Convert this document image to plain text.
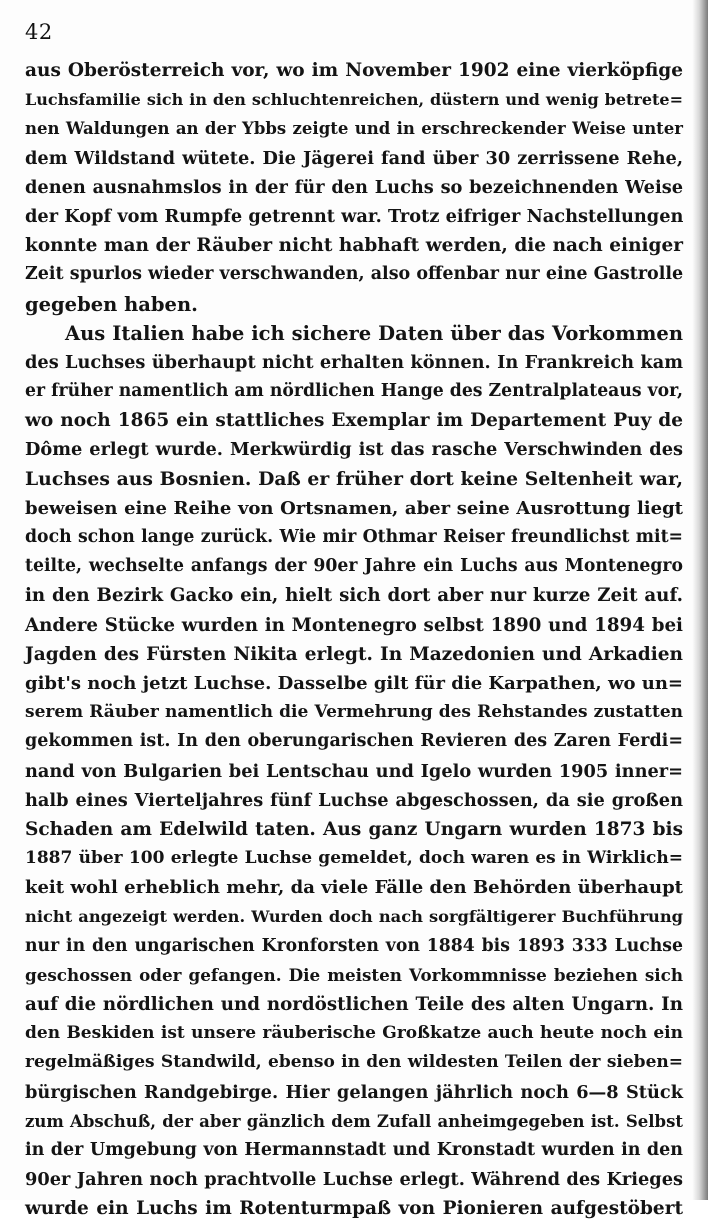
42
aus Oberösterreich vor, wo im November 1902 eine vierköpfige
Luchsfamilie sich in den schluchtenreichen, düstern und wenig betrete=
nen Waldungen an der Ybbs zeigte und in erschreckender Weise unter
dem Wildstand wütete. Die Jägerei fand über 30 zerrissene Rehe,
denen ausnahmslos in der für den Luchs so bezeichnenden Weise
der Kopf vom Rumpfe getrennt war. Trotz eifriger Nachstellungen
konnte man der Räuber nicht habhaft werden, die nach einiger
Zeit spurlos wieder verschwanden, also offenbar nur eine Gastrolle
gegeben haben.
Aus Italien habe ich sichere Daten über das Vorkommen
des Luchses überhaupt nicht erhalten können. In Frankreich kam
er früher namentlich am nördlichen Hange des Zentralplateaus vor,
wo noch 1865 ein stattliches Exemplar im Departement Puy de
Dôme erlegt wurde. Merkwürdig ist das rasche Verschwinden des
Luchses aus Bosnien. Daß er früher dort keine Seltenheit war,
beweisen eine Reihe von Ortsnamen, aber seine Ausrottung liegt
doch schon lange zurück. Wie mir Othmar Reiser freundlichst mit=
teilte, wechselte anfangs der 90er Jahre ein Luchs aus Montenegro
in den Bezirk Gacko ein, hielt sich dort aber nur kurze Zeit auf.
Andere Stücke wurden in Montenegro selbst 1890 und 1894 bei
Jagden des Fürsten Nikita erlegt. In Mazedonien und Arkadien
gibt's noch jetzt Luchse. Dasselbe gilt für die Karpathen, wo un=
serem Räuber namentlich die Vermehrung des Rehstandes zustatten
gekommen ist. In den oberungarischen Revieren des Zaren Ferdi=
nand von Bulgarien bei Lentschau und Igelo wurden 1905 inner=
halb eines Vierteljahres fünf Luchse abgeschossen, da sie großen
Schaden am Edelwild taten. Aus ganz Ungarn wurden 1873 bis
1887 über 100 erlegte Luchse gemeldet, doch waren es in Wirklich=
keit wohl erheblich mehr, da viele Fälle den Behörden überhaupt
nicht angezeigt werden. Wurden doch nach sorgfältigerer Buchführung
nur in den ungarischen Kronforsten von 1884 bis 1893 333 Luchse
geschossen oder gefangen. Die meisten Vorkommnisse beziehen sich
auf die nördlichen und nordöstlichen Teile des alten Ungarn. In
den Beskiden ist unsere räuberische Großkatze auch heute noch ein
regelmäßiges Standwild, ebenso in den wildesten Teilen der sieben=
bürgischen Randgebirge. Hier gelangen jährlich noch 6—8 Stück
zum Abschuß, der aber gänzlich dem Zufall anheimgegeben ist. Selbst
in der Umgebung von Hermannstadt und Kronstadt wurden in den
90er Jahren noch prachtvolle Luchse erlegt. Während des Krieges
wurde ein Luchs im Rotenturmpaß von Pionieren aufgestöbert
